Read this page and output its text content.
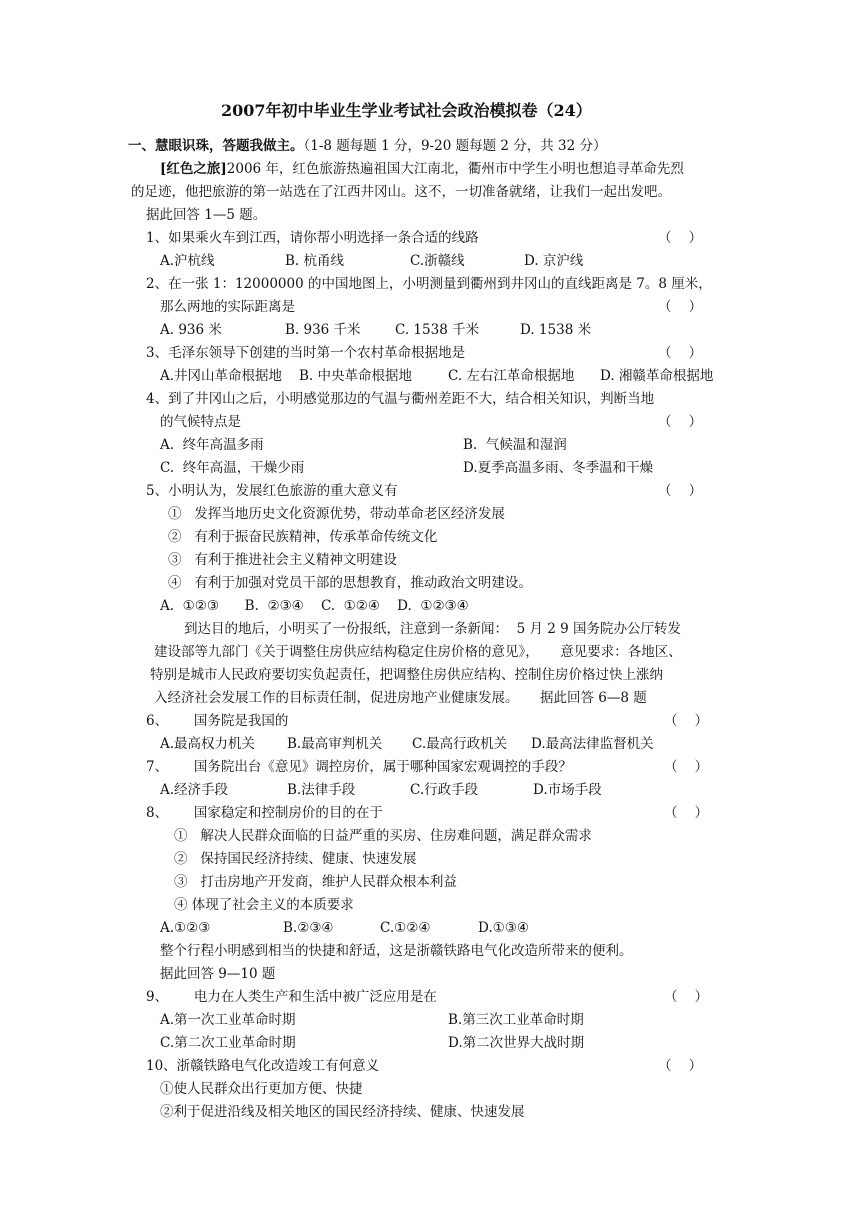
2007年初中毕业生学业考试社会政治模拟卷（24）
一、慧眼识珠，答题我做主。（1-8 题每题 1 分，9-20 题每题 2 分，共 32 分）
[红色之旅]2006 年，红色旅游热遍祖国大江南北，衢州市中学生小明也想追寻革命先烈
的足迹，他把旅游的第一站选在了江西井冈山。这不，一切准备就绪，让我们一起出发吧。
据此回答 1—5 题。
1、如果乘火车到江西，请你帮小明选择一条合适的线路	（    ）
A.沪杭线	B. 杭甬线	C.浙赣线	D. 京沪线
2、在一张 1：12000000 的中国地图上，小明测量到衢州到井冈山的直线距离是 7。8 厘米，
那么两地的实际距离是	（    ）
A. 936 米	B. 936 千米	C. 1538 千米	D. 1538 米
3、毛泽东领导下创建的当时第一个农村革命根据地是	（    ）
A.井冈山革命根据地 B. 中央革命根据地	C. 左右江革命根据地 D. 湘赣革命根据地
4、到了井冈山之后，小明感觉那边的气温与衢州差距不大，结合相关知识，判断当地
的气候特点是	（    ）
A.  终年高温多雨	B.  气候温和湿润
C.  终年高温，干燥少雨	D.夏季高温多雨、冬季温和干燥
5、小明认为，发展红色旅游的重大意义有	（    ）
①   发挥当地历史文化资源优势，带动革命老区经济发展
②   有利于振奋民族精神，传承革命传统文化
③   有利于推进社会主义精神文明建设
④   有利于加强对党员干部的思想教育，推动政治文明建设。
A.  ①②③      B.  ②③④    C.  ①②④    D.  ①②③④
到达目的地后，小明买了一份报纸，注意到一条新闻：  5 月 2 9 国务院办公厅转发
建设部等九部门《关于调整住房供应结构稳定住房价格的意见》，     意见要求：各地区、
特别是城市人民政府要切实负起责任，把调整住房供应结构、控制住房价格过快上涨纳
入经济社会发展工作的目标责任制，促进房地产业健康发展。     据此回答 6—8 题
6、      国务院是我国的	（    ）
A.最高权力机关 B.最高审判机关 C.最高行政机关 D.最高法律监督机关
7、      国务院出台《意见》调控房价，属于哪种国家宏观调控的手段？	（    ）
A.经济手段	B.法律手段	C.行政手段	D.市场手段
8、      国家稳定和控制房价的目的在于	（    ）
①   解决人民群众面临的日益严重的买房、住房难问题，满足群众需求
②   保持国民经济持续、健康、快速发展
③   打击房地产开发商，维护人民群众根本利益
④ 体现了社会主义的本质要求
A.①②③	B.②③④	C.①②④	D.①③④
整个行程小明感到相当的快捷和舒适，这是浙赣铁路电气化改造所带来的便利。
据此回答 9—10 题
9、      电力在人类生产和生活中被广泛应用是在	（    ）
A.第一次工业革命时期	B.第三次工业革命时期
C.第二次工业革命时期	D.第二次世界大战时期
10、浙赣铁路电气化改造竣工有何意义	（    ）
①使人民群众出行更加方便、快捷
②利于促进沿线及相关地区的国民经济持续、健康、快速发展
